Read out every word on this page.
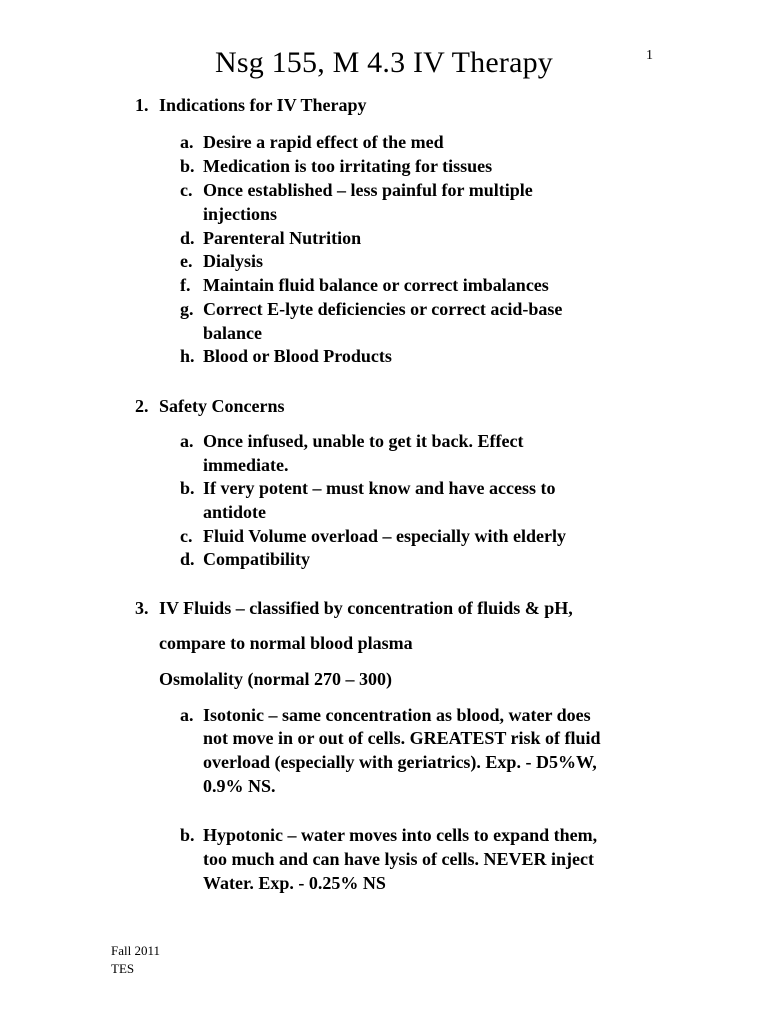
1
Nsg 155, M 4.3 IV Therapy
1. Indications for IV Therapy
a. Desire a rapid effect of the med
b. Medication is too irritating for tissues
c. Once established – less painful for multiple
injections
d. Parenteral Nutrition
e. Dialysis
f. Maintain fluid balance or correct imbalances
g. Correct E-lyte deficiencies or correct acid-base
balance
h. Blood or Blood Products
2. Safety Concerns
a. Once infused, unable to get it back. Effect
immediate.
b. If very potent – must know and have access to
antidote
c. Fluid Volume overload – especially with elderly
d. Compatibility
3. IV Fluids – classified by concentration of fluids & pH,
compare to normal blood plasma
Osmolality (normal 270 – 300)
a. Isotonic – same concentration as blood, water does
not move in or out of cells. GREATEST risk of fluid
overload (especially with geriatrics). Exp. - D5%W,
0.9% NS.
b. Hypotonic – water moves into cells to expand them,
too much and can have lysis of cells. NEVER inject
Water. Exp. - 0.25% NS
Fall 2011
TES
